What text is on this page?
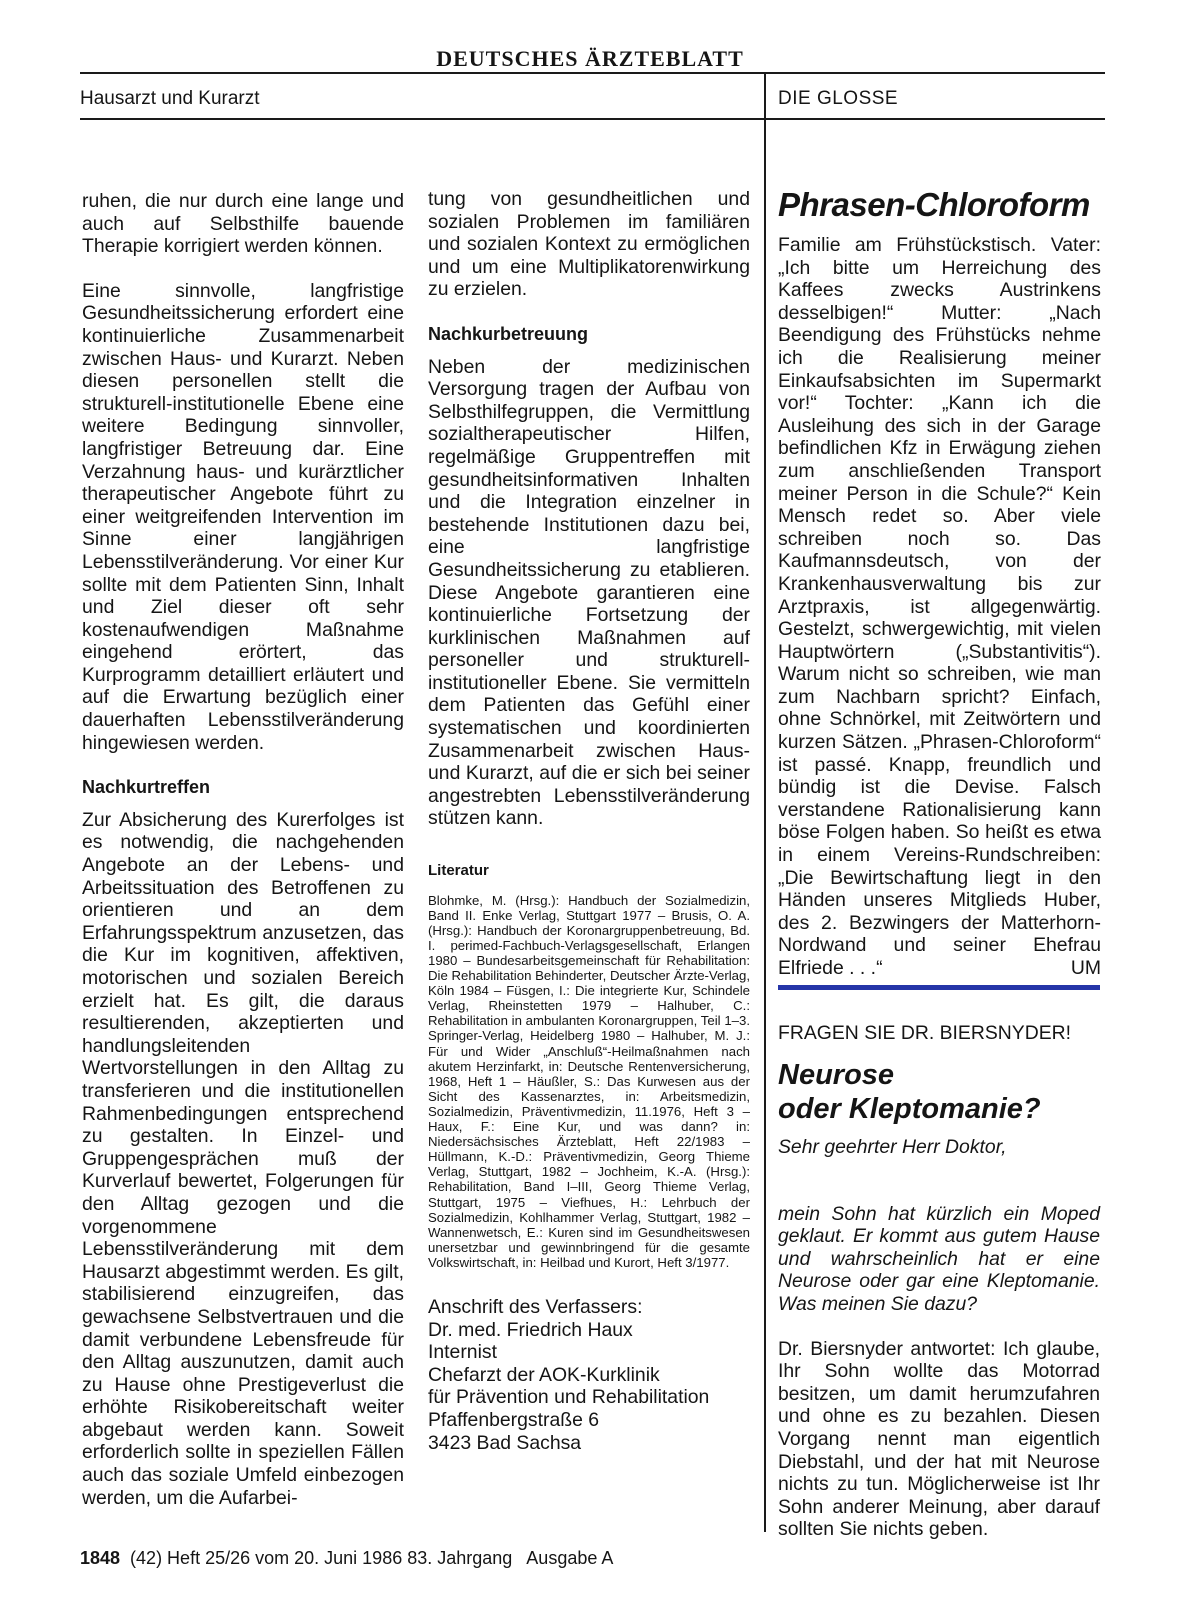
DEUTSCHES ÄRZTEBLATT
Hausarzt und Kurarzt	DIE GLOSSE

ruhen, die nur durch eine lange und auch auf Selbsthilfe bauende Therapie korrigiert werden können.

Eine sinnvolle, langfristige Gesundheitssicherung erfordert eine kontinuierliche Zusammenarbeit zwischen Haus- und Kurarzt. Neben diesen personellen stellt die strukturell-institutionelle Ebene eine weitere Bedingung sinnvoller, langfristiger Betreuung dar. Eine Verzahnung haus- und kurärztlicher therapeutischer Angebote führt zu einer weitgreifenden Intervention im Sinne einer langjährigen Lebensstilveränderung. Vor einer Kur sollte mit dem Patienten Sinn, Inhalt und Ziel dieser oft sehr kostenaufwendigen Maßnahme eingehend erörtert, das Kurprogramm detailliert erläutert und auf die Erwartung bezüglich einer dauerhaften Lebensstilveränderung hingewiesen werden.

Nachkurtreffen

Zur Absicherung des Kurerfolges ist es notwendig, die nachgehenden Angebote an der Lebens- und Arbeitssituation des Betroffenen zu orientieren und an dem Erfahrungsspektrum anzusetzen, das die Kur im kognitiven, affektiven, motorischen und sozialen Bereich erzielt hat. Es gilt, die daraus resultierenden, akzeptierten und handlungsleitenden Wertvorstellungen in den Alltag zu transferieren und die institutionellen Rahmenbedingungen entsprechend zu gestalten. In Einzel- und Gruppengesprächen muß der Kurverlauf bewertet, Folgerungen für den Alltag gezogen und die vorgenommene Lebensstilveränderung mit dem Hausarzt abgestimmt werden. Es gilt, stabilisierend einzugreifen, das gewachsene Selbstvertrauen und die damit verbundene Lebensfreude für den Alltag auszunutzen, damit auch zu Hause ohne Prestigeverlust die erhöhte Risikobereitschaft weiter abgebaut werden kann. Soweit erforderlich sollte in speziellen Fällen auch das soziale Umfeld einbezogen werden, um die Aufarbei-

tung von gesundheitlichen und sozialen Problemen im familiären und sozialen Kontext zu ermöglichen und um eine Multiplikatorenwirkung zu erzielen.

Nachkurbetreuung

Neben der medizinischen Versorgung tragen der Aufbau von Selbsthilfegruppen, die Vermittlung sozialtherapeutischer Hilfen, regelmäßige Gruppentreffen mit gesundheitsinformativen Inhalten und die Integration einzelner in bestehende Institutionen dazu bei, eine langfristige Gesundheitssicherung zu etablieren. Diese Angebote garantieren eine kontinuierliche Fortsetzung der kurklinischen Maßnahmen auf personeller und strukturell-institutioneller Ebene. Sie vermitteln dem Patienten das Gefühl einer systematischen und koordinierten Zusammenarbeit zwischen Haus- und Kurarzt, auf die er sich bei seiner angestrebten Lebensstilveränderung stützen kann.

Literatur

Blohmke, M. (Hrsg.): Handbuch der Sozialmedizin, Band II. Enke Verlag, Stuttgart 1977 – Brusis, O. A. (Hrsg.): Handbuch der Koronargruppenbetreuung, Bd. I. perimed-Fachbuch-Verlagsgesellschaft, Erlangen 1980 – Bundesarbeitsgemeinschaft für Rehabilitation: Die Rehabilitation Behinderter, Deutscher Ärzte-Verlag, Köln 1984 – Füsgen, I.: Die integrierte Kur, Schindele Verlag, Rheinstetten 1979 – Halhuber, C.: Rehabilitation in ambulanten Koronargruppen, Teil 1–3. Springer-Verlag, Heidelberg 1980 – Halhuber, M. J.: Für und Wider „Anschluß“-Heilmaßnahmen nach akutem Herzinfarkt, in: Deutsche Rentenversicherung, 1968, Heft 1 – Häußler, S.: Das Kurwesen aus der Sicht des Kassenarztes, in: Arbeitsmedizin, Sozialmedizin, Präventivmedizin, 11.1976, Heft 3 – Haux, F.: Eine Kur, und was dann? in: Niedersächsisches Ärzteblatt, Heft 22/1983 – Hüllmann, K.-D.: Präventivmedizin, Georg Thieme Verlag, Stuttgart, 1982 – Jochheim, K.-A. (Hrsg.): Rehabilitation, Band I–III, Georg Thieme Verlag, Stuttgart, 1975 – Viefhues, H.: Lehrbuch der Sozialmedizin, Kohlhammer Verlag, Stuttgart, 1982 – Wannenwetsch, E.: Kuren sind im Gesundheitswesen unersetzbar und gewinnbringend für die gesamte Volkswirtschaft, in: Heilbad und Kurort, Heft 3/1977.

Anschrift des Verfassers:
Dr. med. Friedrich Haux
Internist
Chefarzt der AOK-Kurklinik
für Prävention und Rehabilitation
Pfaffenbergstraße 6
3423 Bad Sachsa
Phrasen-Chloroform

Familie am Frühstückstisch. Vater: „Ich bitte um Herreichung des Kaffees zwecks Austrinkens desselbigen!“ Mutter: „Nach Beendigung des Frühstücks nehme ich die Realisierung meiner Einkaufsabsichten im Supermarkt vor!“ Tochter: „Kann ich die Ausleihung des sich in der Garage befindlichen Kfz in Erwägung ziehen zum anschließenden Transport meiner Person in die Schule?“ Kein Mensch redet so. Aber viele schreiben noch so. Das Kaufmannsdeutsch, von der Krankenhausverwaltung bis zur Arztpraxis, ist allgegenwärtig. Gestelzt, schwergewichtig, mit vielen Hauptwörtern („Substantivitis“). Warum nicht so schreiben, wie man zum Nachbarn spricht? Einfach, ohne Schnörkel, mit Zeitwörtern und kurzen Sätzen. „Phrasen-Chloroform“ ist passé. Knapp, freundlich und bündig ist die Devise. Falsch verstandene Rationalisierung kann böse Folgen haben. So heißt es etwa in einem Vereins-Rundschreiben: „Die Bewirtschaftung liegt in den Händen unseres Mitglieds Huber, des 2. Bezwingers der Matterhorn-Nordwand und seiner Ehefrau Elfriede . . .“	UM

FRAGEN SIE DR. BIERSNYDER!
Neurose
oder Kleptomanie?

Sehr geehrter Herr Doktor,

mein Sohn hat kürzlich ein Moped geklaut. Er kommt aus gutem Hause und wahrscheinlich hat er eine Neurose oder gar eine Kleptomanie. Was meinen Sie dazu?

Dr. Biersnyder antwortet: Ich glaube, Ihr Sohn wollte das Motorrad besitzen, um damit herumzufahren und ohne es zu bezahlen. Diesen Vorgang nennt man eigentlich Diebstahl, und der hat mit Neurose nichts zu tun. Möglicherweise ist Ihr Sohn anderer Meinung, aber darauf sollten Sie nichts geben.

1848 (42) Heft 25/26 vom 20. Juni 1986 83. Jahrgang   Ausgabe A
